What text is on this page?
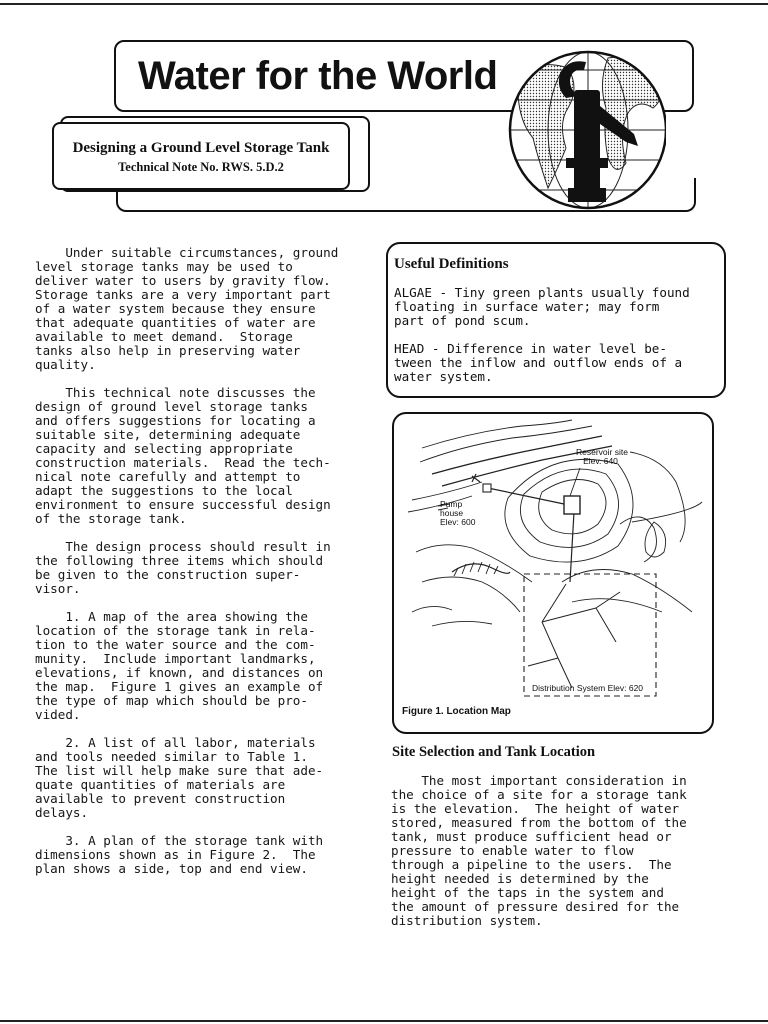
Water for the World
Designing a Ground Level Storage Tank
Technical Note No. RWS. 5.D.2

Under suitable circumstances, ground
level storage tanks may be used to
deliver water to users by gravity flow.
Storage tanks are a very important part
of a water system because they ensure
that adequate quantities of water are
available to meet demand.  Storage
tanks also help in preserving water
quality.

This technical note discusses the
design of ground level storage tanks
and offers suggestions for locating a
suitable site, determining adequate
capacity and selecting appropriate
construction materials.  Read the tech-
nical note carefully and attempt to
adapt the suggestions to the local
environment to ensure successful design
of the storage tank.

The design process should result in
the following three items which should
be given to the construction super-
visor.

1. A map of the area showing the
location of the storage tank in rela-
tion to the water source and the com-
munity.  Include important landmarks,
elevations, if known, and distances on
the map.  Figure 1 gives an example of
the type of map which should be pro-
vided.

2. A list of all labor, materials
and tools needed similar to Table 1.
The list will help make sure that ade-
quate quantities of materials are
available to prevent construction
delays.

3. A plan of the storage tank with
dimensions shown as in Figure 2.  The
plan shows a side, top and end view.

Useful Definitions
ALGAE - Tiny green plants usually found
floating in surface water; may form
part of pond scum.

HEAD - Difference in water level be-
tween the inflow and outflow ends of a
water system.
Reservoir site
Elev. 640
Pump
house
Elev: 600
Distribution System Elev: 620
Figure 1. Location Map
Site Selection and Tank Location

The most important consideration in
the choice of a site for a storage tank
is the elevation.  The height of water
stored, measured from the bottom of the
tank, must produce sufficient head or
pressure to enable water to flow
through a pipeline to the users.  The
height needed is determined by the
height of the taps in the system and
the amount of pressure desired for the
distribution system.
